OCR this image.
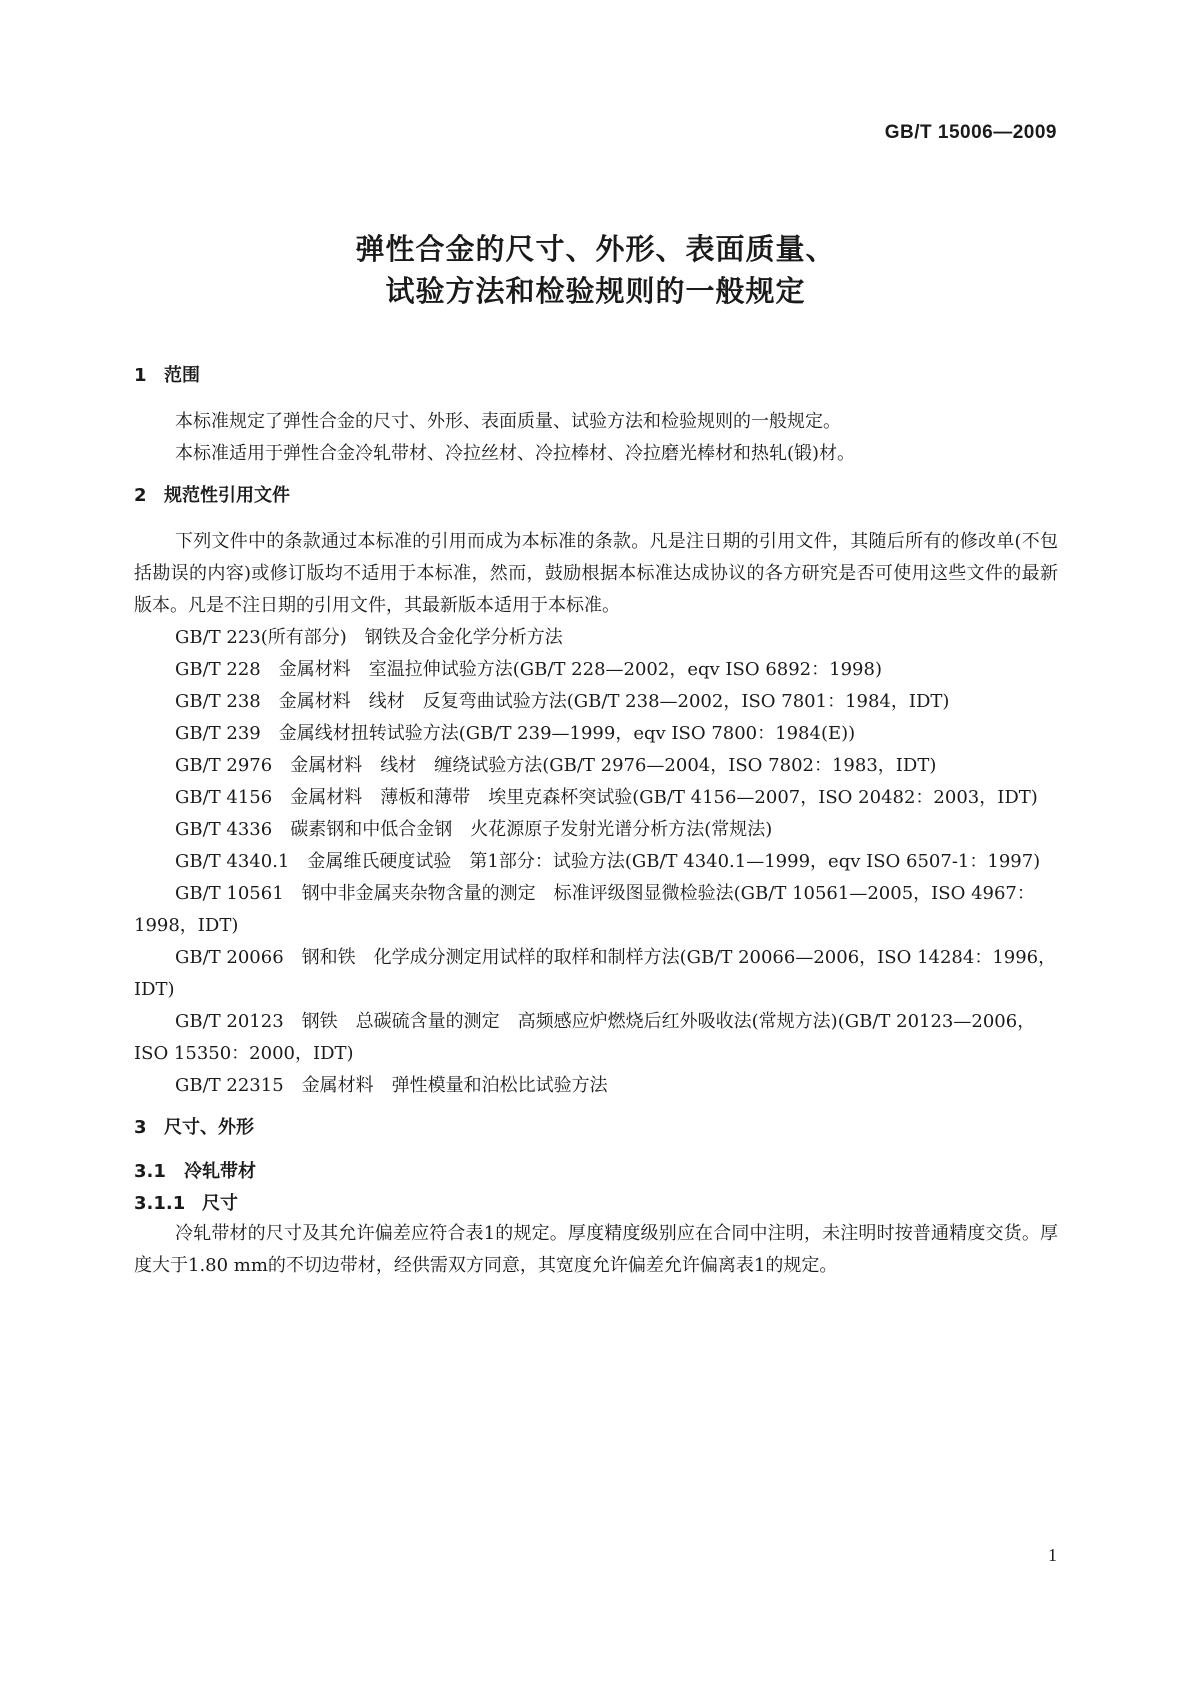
GB/T 15006—2009
弹性合金的尺寸、外形、表面质量、
试验方法和检验规则的一般规定
1 范围

本标准规定了弹性合金的尺寸、外形、表面质量、试验方法和检验规则的一般规定。

本标准适用于弹性合金冷轧带材、冷拉丝材、冷拉棒材、冷拉磨光棒材和热轧(锻)材。

2 规范性引用文件

下列文件中的条款通过本标准的引用而成为本标准的条款。凡是注日期的引用文件，其随后所有的修改单(不包括勘误的内容)或修订版均不适用于本标准，然而，鼓励根据本标准达成协议的各方研究是否可使用这些文件的最新版本。凡是不注日期的引用文件，其最新版本适用于本标准。

GB/T 223(所有部分)　钢铁及合金化学分析方法

GB/T 228　金属材料　室温拉伸试验方法(GB/T 228—2002，eqv ISO 6892：1998)

GB/T 238　金属材料　线材　反复弯曲试验方法(GB/T 238—2002，ISO 7801：1984，IDT)

GB/T 239　金属线材扭转试验方法(GB/T 239—1999，eqv ISO 7800：1984(E))

GB/T 2976　金属材料　线材　缠绕试验方法(GB/T 2976—2004，ISO 7802：1983，IDT)

GB/T 4156　金属材料　薄板和薄带　埃里克森杯突试验(GB/T 4156—2007，ISO 20482：2003，IDT)

GB/T 4336　碳素钢和中低合金钢　火花源原子发射光谱分析方法(常规法)

GB/T 4340.1　金属维氏硬度试验　第1部分：试验方法(GB/T 4340.1—1999，eqv ISO 6507-1：1997)

GB/T 10561　钢中非金属夹杂物含量的测定　标准评级图显微检验法(GB/T 10561—2005，ISO 4967：1998，IDT)

GB/T 20066　钢和铁　化学成分测定用试样的取样和制样方法(GB/T 20066—2006，ISO 14284：1996，IDT)

GB/T 20123　钢铁　总碳硫含量的测定　高频感应炉燃烧后红外吸收法(常规方法)(GB/T 20123—2006，ISO 15350：2000，IDT)

GB/T 22315　金属材料　弹性模量和泊松比试验方法

3 尺寸、外形
3.1 冷轧带材
3.1.1 尺寸

冷轧带材的尺寸及其允许偏差应符合表1的规定。厚度精度级别应在合同中注明，未注明时按普通精度交货。厚度大于1.80 mm的不切边带材，经供需双方同意，其宽度允许偏差允许偏离表1的规定。

1
